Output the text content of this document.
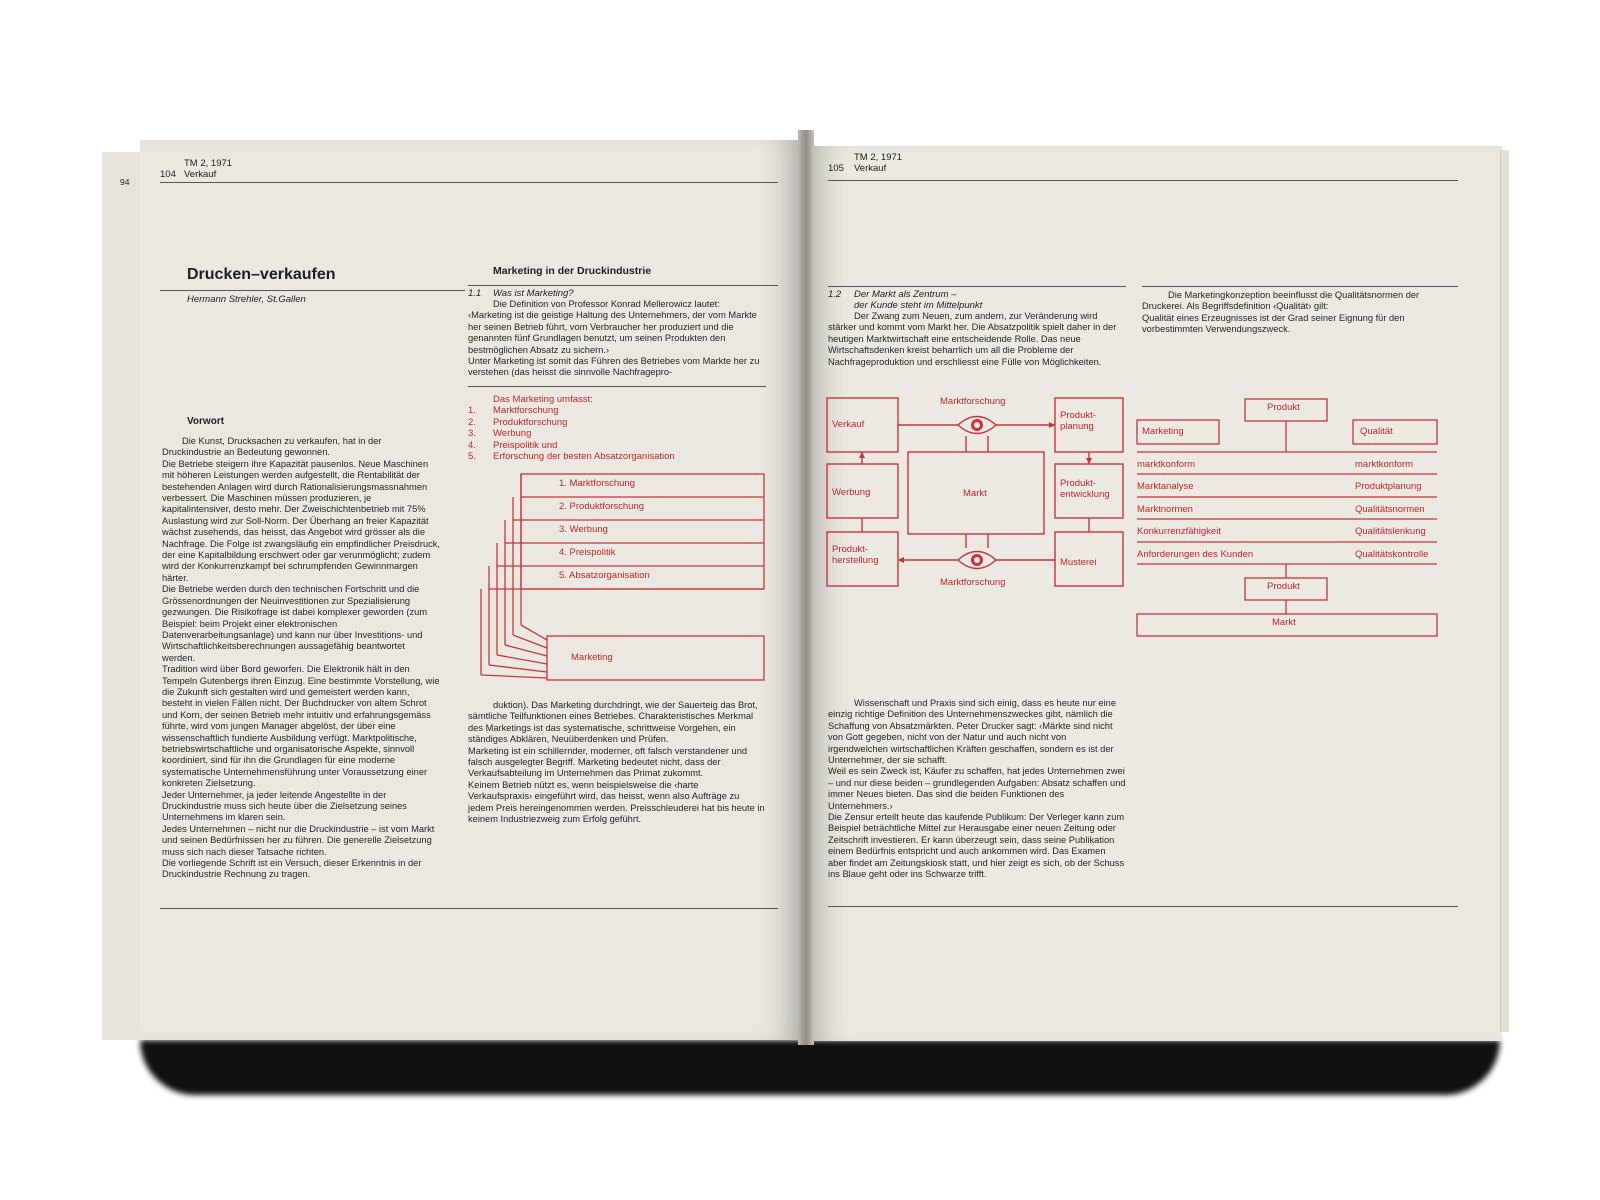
94
TM 2, 1971
104 Verkauf
Drucken–verkaufen
Hermann Strehler, St.Gallen
Vorwort
Die Kunst, Drucksachen zu verkaufen, hat in der Druckindustrie an Bedeutung gewonnen.
Die Betriebe steigern ihre Kapazität pausenlos. Neue Maschinen mit höheren Leistungen werden aufgestellt, die Rentabilität der bestehenden Anlagen wird durch Rationalisierungsmassnahmen verbessert. Die Maschinen müssen produzieren, je kapitalintensiver, desto mehr. Der Zweischichtenbetrieb mit 75% Auslastung wird zur Soll-Norm. Der Überhang an freier Kapazität wächst zusehends, das heisst, das Angebot wird grösser als die Nachfrage. Die Folge ist zwangsläufig ein empfindlicher Preisdruck, der eine Kapitalbildung erschwert oder gar verunmöglicht; zudem wird der Konkurrenzkampf bei schrumpfenden Gewinnmargen härter.
Die Betriebe werden durch den technischen Fortschritt und die Grössenordnungen der Neuinvestitionen zur Spezialisierung gezwungen. Die Risikofrage ist dabei komplexer geworden (zum Beispiel: beim Projekt einer elektronischen Datenverarbeitungsanlage) und kann nur über Investitions- und Wirtschaftlichkeitsberechnungen aussagefähig beantwortet werden.
Tradition wird über Bord geworfen. Die Elektronik hält in den Tempeln Gutenbergs ihren Einzug. Eine bestimmte Vorstellung, wie die Zukunft sich gestalten wird und gemeistert werden kann, besteht in vielen Fällen nicht. Der Buchdrucker von altem Schrot und Korn, der seinen Betrieb mehr intuitiv und erfahrungsgemäss führte, wird vom jungen Manager abgelöst, der über eine wissenschaftlich fundierte Ausbildung verfügt. Marktpolitische, betriebswirtschaftliche und organisatorische Aspekte, sinnvoll koordiniert, sind für ihn die Grundlagen für eine moderne systematische Unternehmensführung unter Voraussetzung einer konkreten Zielsetzung.
Jeder Unternehmer, ja jeder leitende Angestellte in der Druckindustrie muss sich heute über die Zielsetzung seines Unternehmens im klaren sein.
Jedes Unternehmen – nicht nur die Druckindustrie – ist vom Markt und seinen Bedürfnissen her zu führen. Die generelle Zielsetzung muss sich nach dieser Tatsache richten.
Die vorliegende Schrift ist ein Versuch, dieser Erkenntnis in der Druckindustrie Rechnung zu tragen.
Marketing in der Druckindustrie
1.1 Was ist Marketing?
Die Definition von Professor Konrad Mellerowicz lautet: ‹Marketing ist die geistige Haltung des Unternehmers, der vom Markte her seinen Betrieb führt, vom Verbraucher her produziert und die genannten fünf Grundlagen benutzt, um seinen Produkten den bestmöglichen Absatz zu sichern.›
Unter Marketing ist somit das Führen des Betriebes vom Markte her zu verstehen (das heisst die sinnvolle Nachfragepro-
Das Marketing umfasst:
1. Marktforschung
2. Produktforschung
3. Werbung
4. Preispolitik und
5. Erforschung der besten Absatzorganisation
1. Marktforschung
2. Produktforschung
3. Werbung
4. Preispolitik
5. Absatzorganisation
Marketing
duktion). Das Marketing durchdringt, wie der Sauerteig das Brot, sämtliche Teilfunktionen eines Betriebes. Charakteristisches Merkmal des Marketings ist das systematische, schrittweise Vorgehen, ein ständiges Abklären, Neuüberdenken und Prüfen.
Marketing ist ein schillernder, moderner, oft falsch verstandener und falsch ausgelegter Begriff. Marketing bedeutet nicht, dass der Verkaufsabteilung im Unternehmen das Primat zukommt.
Keinem Betrieb nützt es, wenn beispielsweise die ‹harte Verkaufspraxis› eingeführt wird, das heisst, wenn also Aufträge zu jedem Preis hereingenommen werden. Preisschleuderei hat bis heute in keinem Industriezweig zum Erfolg geführt.
TM 2, 1971
105 Verkauf
1.2 Der Markt als Zentrum –
der Kunde steht im Mittelpunkt
Der Zwang zum Neuen, zum andern, zur Veränderung wird stärker und kommt vom Markt her. Die Absatzpolitik spielt daher in der heutigen Marktwirtschaft eine entscheidende Rolle. Das neue Wirtschaftsdenken kreist beharrlich um all die Probleme der Nachfrageproduktion und erschliesst eine Fülle von Möglichkeiten.
Die Marketingkonzeption beeinflusst die Qualitätsnormen der Druckerei. Als Begriffsdefinition ‹Qualität› gilt:
Qualität eines Erzeugnisses ist der Grad seiner Eignung für den vorbestimmten Verwendungszweck.
Verkauf
Marktforschung
Produkt-
planung
Werbung	Markt
Produkt-
entwicklung
Produkt-
herstellung
Marktforschung
Musterei
Produkt
Marketing	Qualität
marktkonform	marktkonform
Marktanalyse	Produktplanung
Marktnormen	Qualitätsnormen
Konkurrenzfähigkeit	Qualitätslenkung
Anforderungen des Kunden	Qualitätskontrolle
Produkt
Markt
Wissenschaft und Praxis sind sich einig, dass es heute nur eine einzig richtige Definition des Unternehmenszweckes gibt, nämlich die Schaffung von Absatzmärkten. Peter Drucker sagt: ‹Märkte sind nicht von Gott gegeben, nicht von der Natur und auch nicht von irgendwelchen wirtschaftlichen Kräften geschaffen, sondern es ist der Unternehmer, der sie schafft.
Weil es sein Zweck ist, Käufer zu schaffen, hat jedes Unternehmen zwei – und nur diese beiden – grundlegenden Aufgaben: Absatz schaffen und immer Neues bieten. Das sind die beiden Funktionen des Unternehmers.›
Die Zensur erteilt heute das kaufende Publikum: Der Verleger kann zum Beispiel beträchtliche Mittel zur Herausgabe einer neuen Zeitung oder Zeitschrift investieren. Er kann überzeugt sein, dass seine Publikation einem Bedürfnis entspricht und auch ankommen wird. Das Examen aber findet am Zeitungskiosk statt, und hier zeigt es sich, ob der Schuss ins Blaue geht oder ins Schwarze trifft.
